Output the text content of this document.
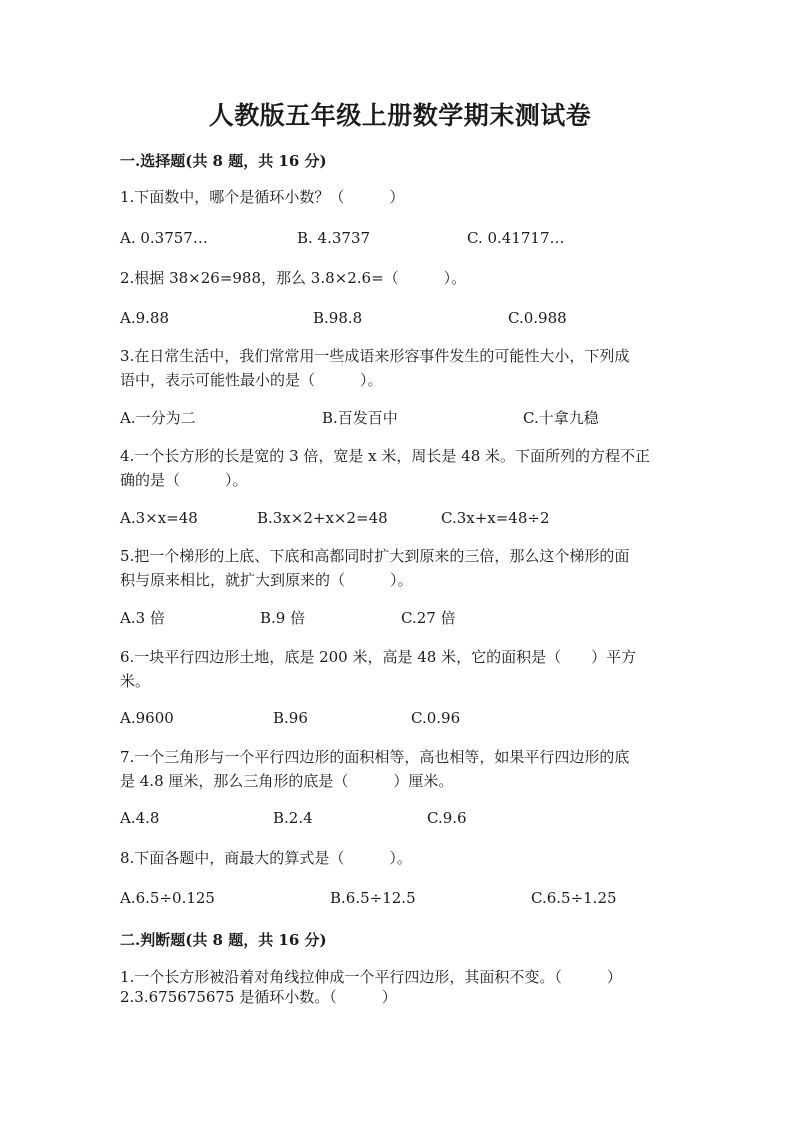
人教版五年级上册数学期末测试卷
一.选择题(共 8 题，共 16 分)
1.下面数中，哪个是循环小数？（　　　）
A. 0.3757…	B. 4.3737	C. 0.41717…
2.根据 38×26=988，那么 3.8×2.6=（　　　）。
A.9.88	B.98.8	C.0.988
3.在日常生活中，我们常常用一些成语来形容事件发生的可能性大小，下列成
语中，表示可能性最小的是（　　　）。
A.一分为二	B.百发百中	C.十拿九稳
4.一个长方形的长是宽的 3 倍，宽是 x 米，周长是 48 米。下面所列的方程不正
确的是（　　　）。
A.3×x=48	B.3x×2+x×2=48	C.3x+x=48÷2
5.把一个梯形的上底、下底和高都同时扩大到原来的三倍，那么这个梯形的面
积与原来相比，就扩大到原来的（　　　）。
A.3 倍	B.9 倍	C.27 倍
6.一块平行四边形土地，底是 200 米，高是 48 米，它的面积是（　　）平方
米。
A.9600	B.96	C.0.96
7.一个三角形与一个平行四边形的面积相等，高也相等，如果平行四边形的底
是 4.8 厘米，那么三角形的底是（　　　）厘米。
A.4.8	B.2.4	C.9.6
8.下面各题中，商最大的算式是（　　　）。
A.6.5÷0.125	B.6.5÷12.5	C.6.5÷1.25
二.判断题(共 8 题，共 16 分)
1.一个长方形被沿着对角线拉伸成一个平行四边形，其面积不变。（　　　）
2.3.675675675 是循环小数。（　　　）
